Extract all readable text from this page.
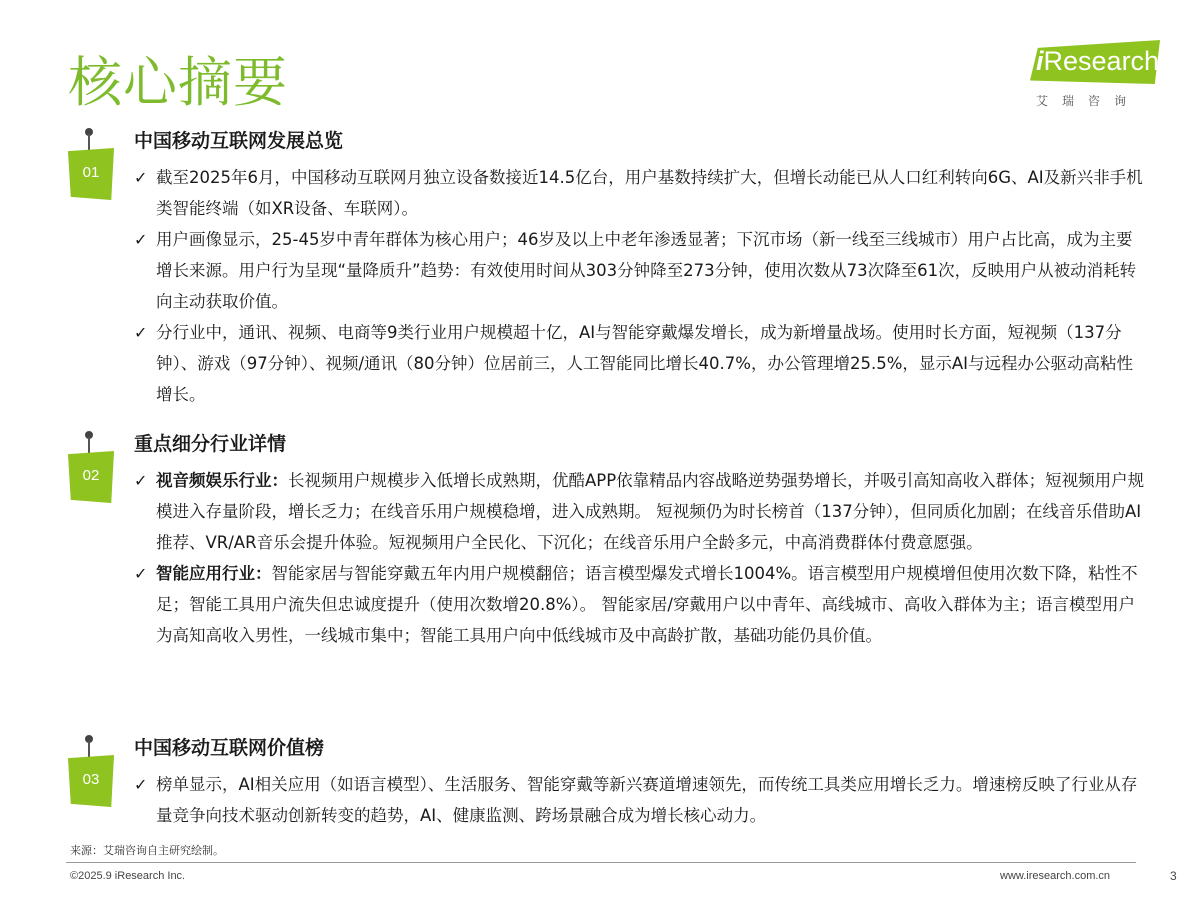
核心摘要	iResearch
艾瑞咨询
01
中国移动互联网发展总览
✓ 截至2025年6月，中国移动互联网月独立设备数接近14.5亿台，用户基数持续扩大，但增长动能已从人口红利转向6G、AI及新兴非手机类智能终端（如XR设备、车联网）。
✓ 用户画像显示，25-45岁中青年群体为核心用户；46岁及以上中老年渗透显著；下沉市场（新一线至三线城市）用户占比高，成为主要增长来源。用户行为呈现“量降质升”趋势：有效使用时间从303分钟降至273分钟，使用次数从73次降至61次，反映用户从被动消耗转向主动获取价值。
✓ 分行业中，通讯、视频、电商等9类行业用户规模超十亿，AI与智能穿戴爆发增长，成为新增量战场。使用时长方面，短视频（137分钟）、游戏（97分钟）、视频/通讯（80分钟）位居前三，人工智能同比增长40.7%，办公管理增25.5%，显示AI与远程办公驱动高粘性增长。
02
重点细分行业详情
✓ 视音频娱乐行业：长视频用户规模步入低增长成熟期，优酷APP依靠精品内容战略逆势强势增长，并吸引高知高收入群体；短视频用户规模进入存量阶段，增长乏力；在线音乐用户规模稳增，进入成熟期。 短视频仍为时长榜首（137分钟），但同质化加剧；在线音乐借助AI推荐、VR/AR音乐会提升体验。短视频用户全民化、下沉化；在线音乐用户全龄多元，中高消费群体付费意愿强。
✓ 智能应用行业：智能家居与智能穿戴五年内用户规模翻倍；语言模型爆发式增长1004%。语言模型用户规模增但使用次数下降，粘性不足；智能工具用户流失但忠诚度提升（使用次数增20.8%）。 智能家居/穿戴用户以中青年、高线城市、高收入群体为主；语言模型用户为高知高收入男性，一线城市集中；智能工具用户向中低线城市及中高龄扩散，基础功能仍具价值。
03
中国移动互联网价值榜
✓ 榜单显示，AI相关应用（如语言模型）、生活服务、智能穿戴等新兴赛道增速领先，而传统工具类应用增长乏力。增速榜反映了行业从存量竞争向技术驱动创新转变的趋势，AI、健康监测、跨场景融合成为增长核心动力。
来源：艾瑞咨询自主研究绘制。
©2025.9 iResearch Inc.	www.iresearch.com.cn	3
